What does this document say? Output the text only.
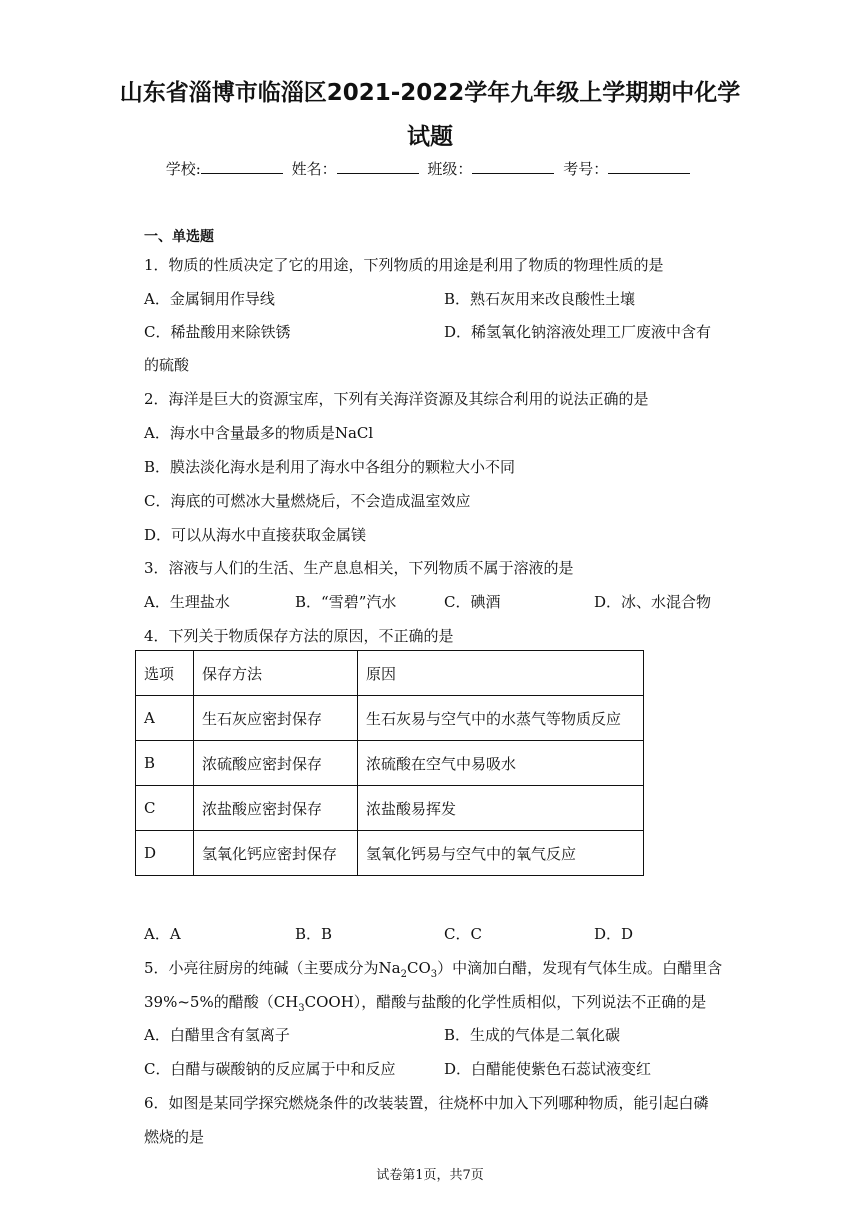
山东省淄博市临淄区2021-2022学年九年级上学期期中化学
试题
学校:	姓名：	班级：	考号：
一、单选题
1．物质的性质决定了它的用途，下列物质的用途是利用了物质的物理性质的是
A．金属铜用作导线	B．熟石灰用来改良酸性土壤
C．稀盐酸用来除铁锈	D．稀氢氧化钠溶液处理工厂废液中含有
的硫酸
2．海洋是巨大的资源宝库，下列有关海洋资源及其综合利用的说法正确的是
A．海水中含量最多的物质是NaCl
B．膜法淡化海水是利用了海水中各组分的颗粒大小不同
C．海底的可燃冰大量燃烧后，不会造成温室效应
D．可以从海水中直接获取金属镁
3．溶液与人们的生活、生产息息相关，下列物质不属于溶液的是
A．生理盐水	B．“雪碧”汽水	C．碘酒	D．冰、水混合物
4．下列关于物质保存方法的原因，不正确的是
选项	保存方法	原因
A	生石灰应密封保存	生石灰易与空气中的水蒸气等物质反应
B	浓硫酸应密封保存	浓硫酸在空气中易吸水
C	浓盐酸应密封保存	浓盐酸易挥发
D	氢氧化钙应密封保存	氢氧化钙易与空气中的氧气反应
A．A	B．B	C．C	D．D
5．小亮往厨房的纯碱（主要成分为$Na_2CO_3$）中滴加白醋，发现有气体生成。白醋里含
39%~5%的醋酸$(CH_3COOH)$，醋酸与盐酸的化学性质相似，下列说法不正确的是
A．白醋里含有氢离子	B．生成的气体是二氧化碳
C．白醋与碳酸钠的反应属于中和反应	D．白醋能使紫色石蕊试液变红
6．如图是某同学探究燃烧条件的改装装置，往烧杯中加入下列哪种物质，能引起白磷
燃烧的是
试卷第1页，共7页
